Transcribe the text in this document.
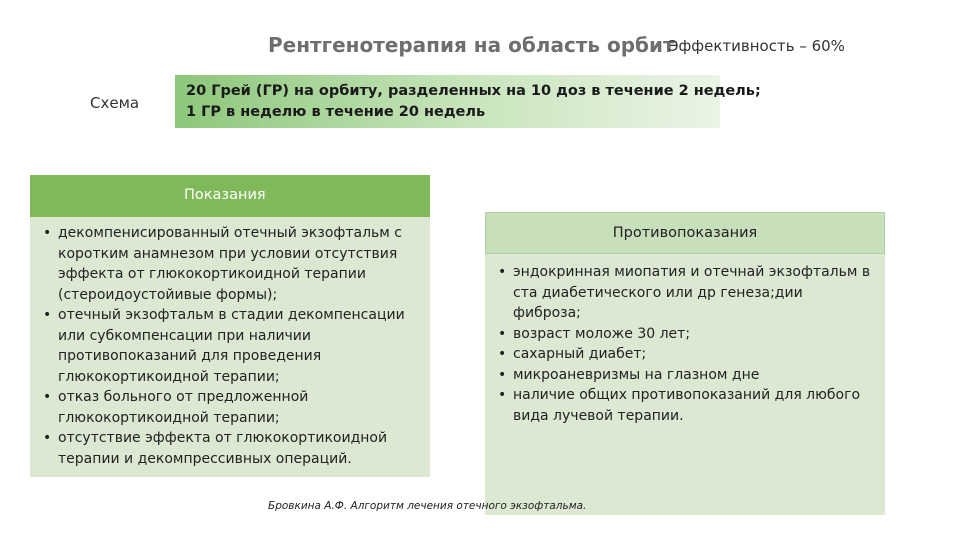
Рентгенотерапия на область орбит
Эффективность – 60%
Схема
20 Грей (ГР) на орбиту, разделенных на 10 доз в течение 2 недель;
1 ГР в неделю в течение 20 недель
Показания
• декомпенисированный отечный экзофтальм с коротким анамнезом при условии отсутствия эффекта от глюкокортикоидной терапии (стероидоустойивые формы);
• отечный экзофтальм в стадии декомпенсации или субкомпенсации при наличии противопоказаний для проведения глюкокортикоидной терапии;
• отказ больного от предложенной глюкокортикоидной терапии;
• отсутствие эффекта от глюкокортикоидной терапии и декомпрессивных операций.
Противопоказания
• эндокринная миопатия и отечнай экзофтальм в ста диабетического или др генеза;дии фиброза;
• возраст моложе 30 лет;
• сахарный диабет;
• микроаневризмы на глазном дне
• наличие общих противопоказаний для любого вида лучевой терапии.
Бровкина А.Ф. Алгоритм лечения отечного экзофтальма.
